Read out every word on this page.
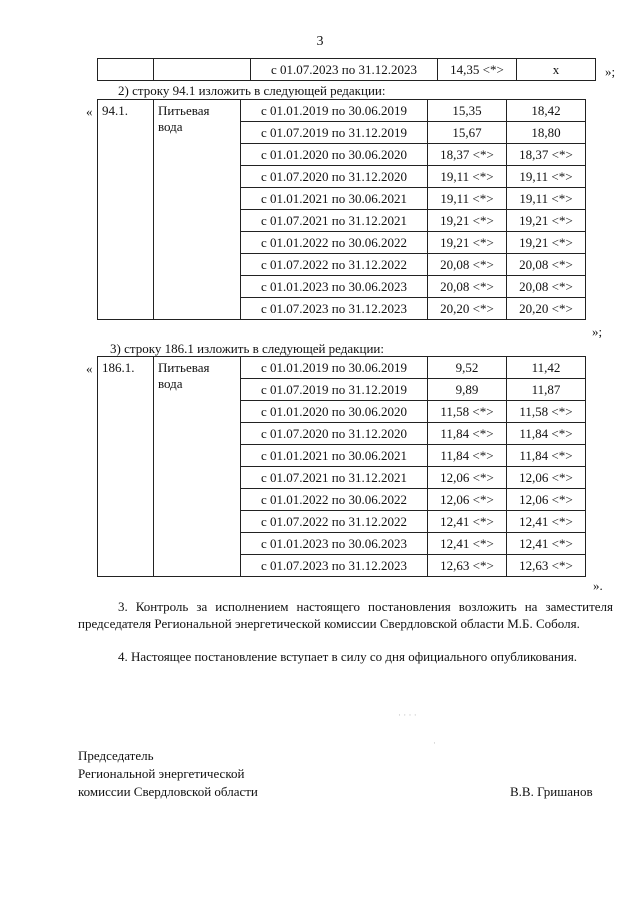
3
		с 01.07.2023 по 31.12.2023	14,35 <*>	х	»;
2) строку 94.1 изложить в следующей редакции:
« 94.1.	Питьевая вода	с 01.01.2019 по 30.06.2019	15,35	18,42
		с 01.07.2019 по 31.12.2019	15,67	18,80
		с 01.01.2020 по 30.06.2020	18,37 <*>	18,37 <*>
		с 01.07.2020 по 31.12.2020	19,11 <*>	19,11 <*>
		с 01.01.2021 по 30.06.2021	19,11 <*>	19,11 <*>
		с 01.07.2021 по 31.12.2021	19,21 <*>	19,21 <*>
		с 01.01.2022 по 30.06.2022	19,21 <*>	19,21 <*>
		с 01.07.2022 по 31.12.2022	20,08 <*>	20,08 <*>
		с 01.01.2023 по 30.06.2023	20,08 <*>	20,08 <*>
		с 01.07.2023 по 31.12.2023	20,20 <*>	20,20 <*>
»;
3) строку 186.1 изложить в следующей редакции:
« 186.1.	Питьевая вода	с 01.01.2019 по 30.06.2019	9,52	11,42
		с 01.07.2019 по 31.12.2019	9,89	11,87
		с 01.01.2020 по 30.06.2020	11,58 <*>	11,58 <*>
		с 01.07.2020 по 31.12.2020	11,84 <*>	11,84 <*>
		с 01.01.2021 по 30.06.2021	11,84 <*>	11,84 <*>
		с 01.07.2021 по 31.12.2021	12,06 <*>	12,06 <*>
		с 01.01.2022 по 30.06.2022	12,06 <*>	12,06 <*>
		с 01.07.2022 по 31.12.2022	12,41 <*>	12,41 <*>
		с 01.01.2023 по 30.06.2023	12,41 <*>	12,41 <*>
		с 01.07.2023 по 31.12.2023	12,63 <*>	12,63 <*>
».
3. Контроль за исполнением настоящего постановления возложить на заместителя председателя Региональной энергетической комиссии Свердловской области М.Б. Соболя.
4. Настоящее постановление вступает в силу со дня официального опубликования.
· · · ·
·
Председатель
Региональной энергетической
комиссии Свердловской области	В.В. Гришанов
